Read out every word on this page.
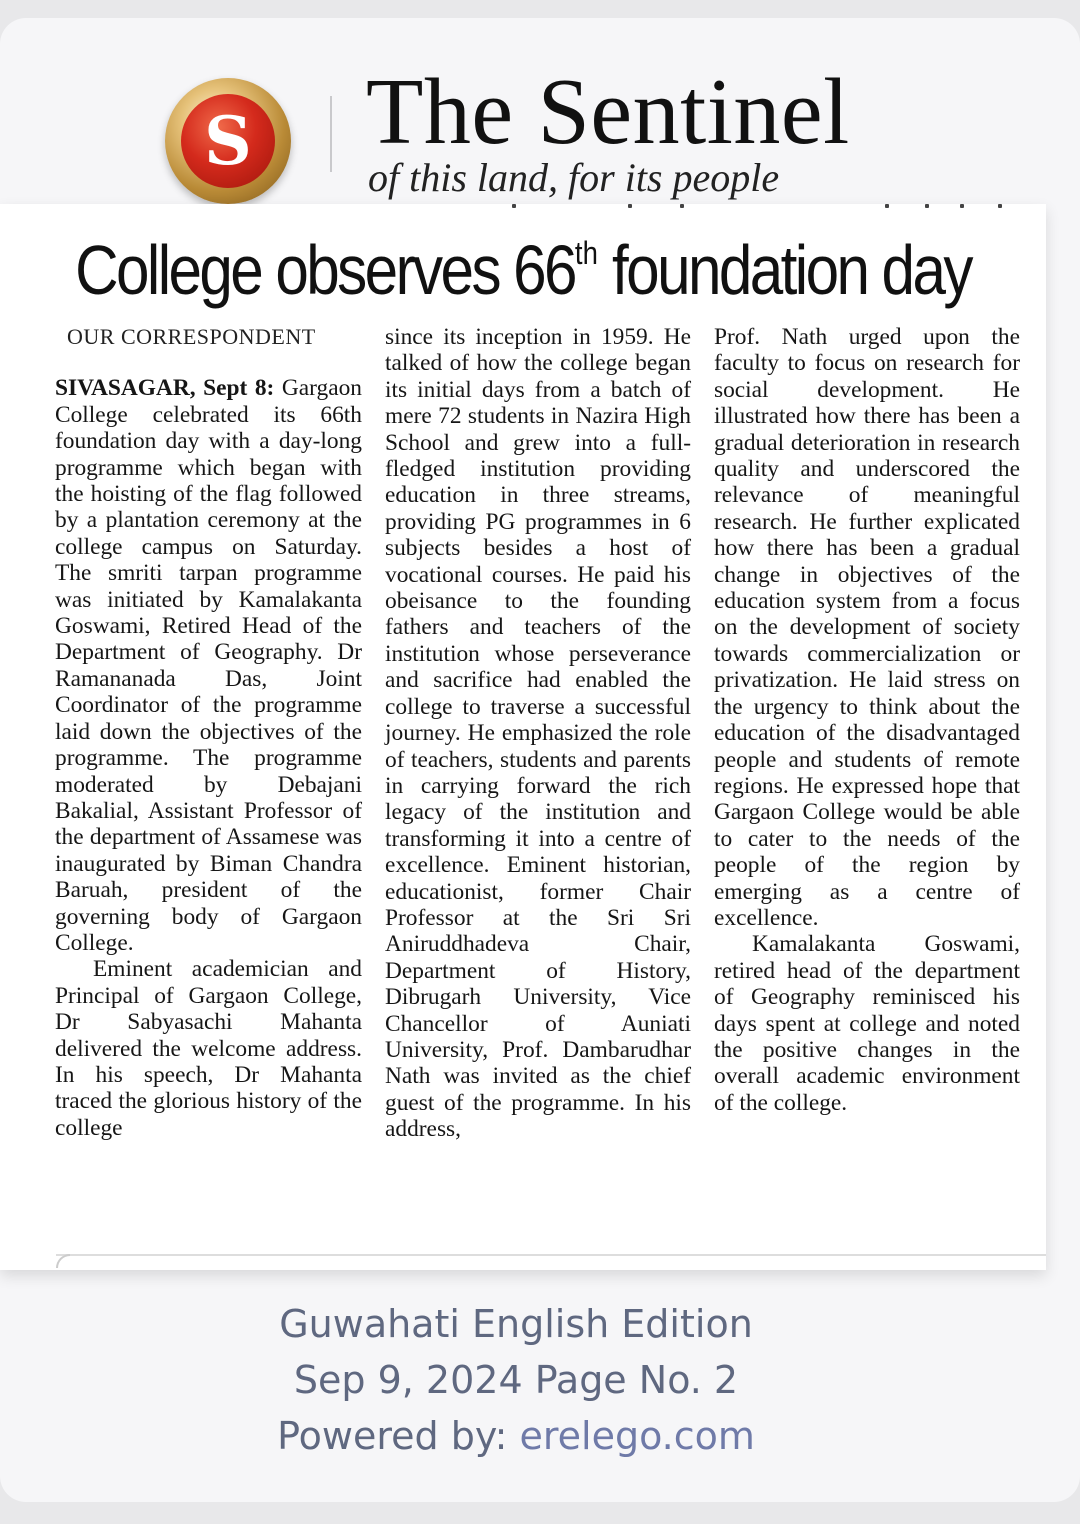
S The Sentinel
of this land, for its people
College observes 66th foundation day
OUR CORRESPONDENT

SIVASAGAR, Sept 8: Gargaon College celebrated its 66th foundation day with a day-long programme which began with the hoisting of the flag followed by a plantation ceremony at the college campus on Saturday. The smriti tarpan programme was initiated by Kamalakanta Goswami, Retired Head of the Department of Geography. Dr Ramananada Das, Joint Coordinator of the programme laid down the objectives of the programme. The programme moderated by Debajani Bakalial, Assistant Professor of the department of Assamese was inaugurated by Biman Chandra Baruah, president of the governing body of Gargaon College.

Eminent academician and Principal of Gargaon College, Dr Sabyasachi Mahanta delivered the welcome address. In his speech, Dr Mahanta traced the glorious history of the college

since its inception in 1959. He talked of how the college began its initial days from a batch of mere 72 students in Nazira High School and grew into a full-fledged institution providing education in three streams, providing PG programmes in 6 subjects besides a host of vocational courses. He paid his obeisance to the founding fathers and teachers of the institution whose perseverance and sacrifice had enabled the college to traverse a successful journey. He emphasized the role of teachers, students and parents in carrying forward the rich legacy of the institution and transforming it into a centre of excellence. Eminent historian, educationist, former Chair Professor at the Sri Sri Aniruddhadeva Chair, Department of History, Dibrugarh University, Vice Chancellor of Auniati University, Prof. Dambarudhar Nath was invited as the chief guest of the programme. In his address,

Prof. Nath urged upon the faculty to focus on research for social development. He illustrated how there has been a gradual deterioration in research quality and underscored the relevance of meaningful research. He further explicated how there has been a gradual change in objectives of the education system from a focus on the development of society towards commercialization or privatization. He laid stress on the urgency to think about the education of the disadvantaged people and students of remote regions. He expressed hope that Gargaon College would be able to cater to the needs of the people of the region by emerging as a centre of excellence.

Kamalakanta Goswami, retired head of the department of Geography reminisced his days spent at college and noted the positive changes in the overall academic environment of the college.

Guwahati English Edition
Sep 9, 2024 Page No. 2
Powered by: erelego.com
